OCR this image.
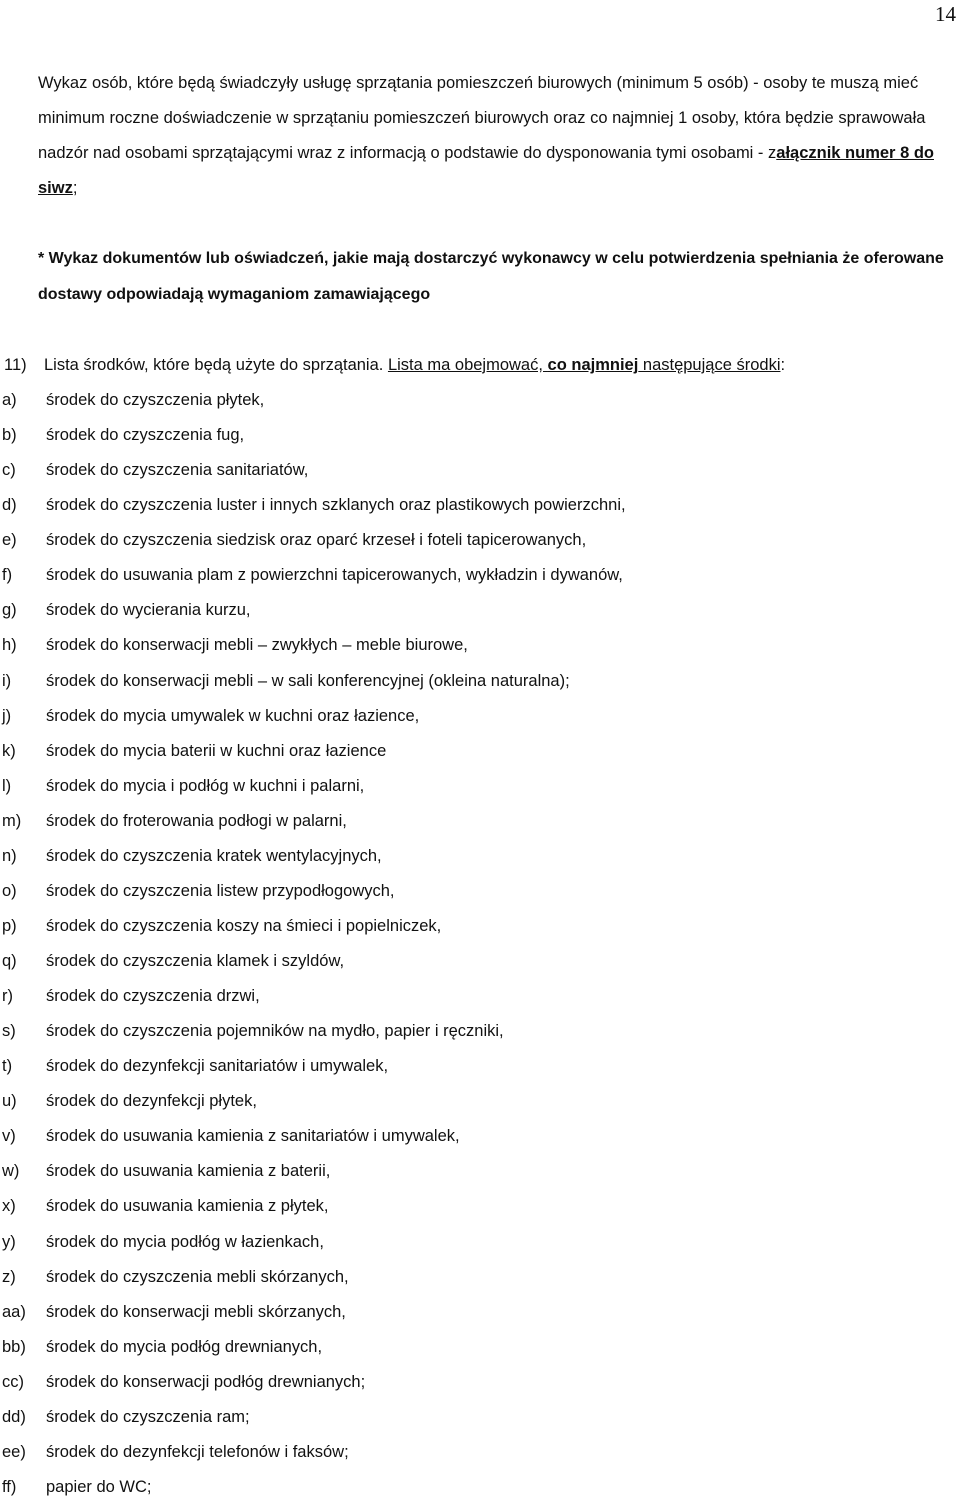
14
Wykaz osób, które będą świadczyły usługę sprzątania pomieszczeń biurowych (minimum 5 osób) - osoby te muszą mieć minimum roczne doświadczenie w sprzątaniu pomieszczeń biurowych oraz co najmniej 1 osoby, która będzie sprawowała nadzór nad osobami sprzątającymi wraz z informacją o podstawie do dysponowania tymi osobami - załącznik numer 8 do siwz;
* Wykaz dokumentów lub oświadczeń, jakie mają dostarczyć wykonawcy w celu potwierdzenia spełniania że oferowane dostawy odpowiadają wymaganiom zamawiającego
11) Lista środków, które będą użyte do sprzątania. Lista ma obejmować, co najmniej następujące środki:
a) środek do czyszczenia płytek,
b) środek do czyszczenia fug,
c) środek do czyszczenia sanitariatów,
d) środek do czyszczenia luster i innych szklanych oraz plastikowych powierzchni,
e) środek do czyszczenia siedzisk oraz oparć krzeseł i foteli tapicerowanych,
f) środek do usuwania plam z powierzchni tapicerowanych, wykładzin i dywanów,
g) środek do wycierania kurzu,
h) środek do konserwacji mebli – zwykłych – meble biurowe,
i) środek do konserwacji mebli – w sali konferencyjnej (okleina naturalna);
j) środek do mycia umywalek w kuchni oraz łazience,
k) środek do mycia baterii w kuchni oraz łazience
l) środek do mycia i podłóg w kuchni i palarni,
m) środek do froterowania podłogi w palarni,
n) środek do czyszczenia kratek wentylacyjnych,
o) środek do czyszczenia listew przypodłogowych,
p) środek do czyszczenia koszy na śmieci i popielniczek,
q) środek do czyszczenia klamek i szyldów,
r) środek do czyszczenia drzwi,
s) środek do czyszczenia pojemników na mydło, papier i ręczniki,
t) środek do dezynfekcji sanitariatów i umywalek,
u) środek do dezynfekcji płytek,
v) środek do usuwania kamienia z sanitariatów i umywalek,
w) środek do usuwania kamienia z baterii,
x) środek do usuwania kamienia z płytek,
y) środek do mycia podłóg w łazienkach,
z) środek do czyszczenia mebli skórzanych,
aa) środek do konserwacji mebli skórzanych,
bb) środek do mycia podłóg drewnianych,
cc) środek do konserwacji podłóg drewnianych;
dd) środek do czyszczenia ram;
ee) środek do dezynfekcji telefonów i faksów;
ff) papier do WC;
